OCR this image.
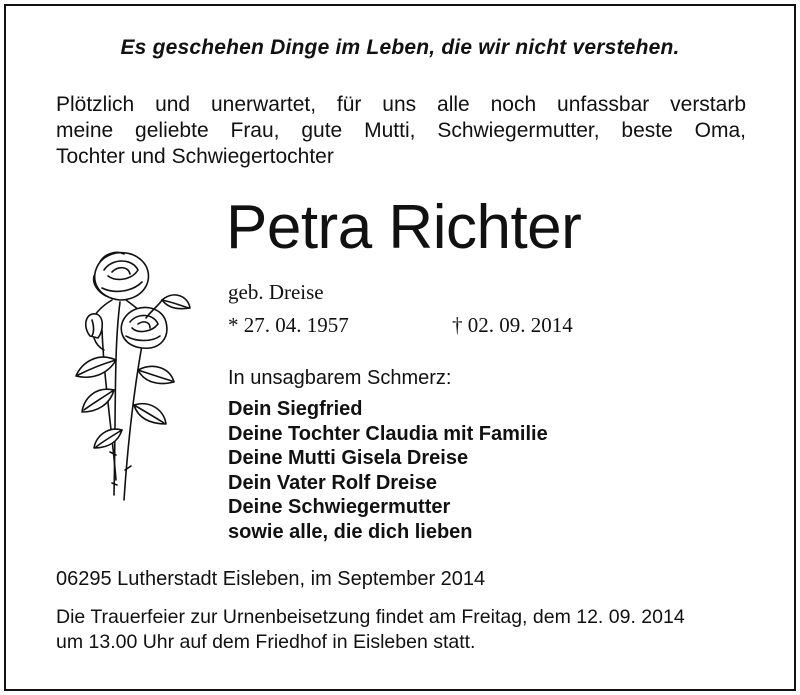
Es geschehen Dinge im Leben, die wir nicht verstehen.
Plötzlich und unerwartet, für uns alle noch unfassbar verstarb
meine geliebte Frau, gute Mutti, Schwiegermutter, beste Oma,
Tochter und Schwiegertochter
Petra Richter
geb. Dreise
* 27. 04. 1957	† 02. 09. 2014
In unsagbarem Schmerz:
Dein Siegfried
Deine Tochter Claudia mit Familie
Deine Mutti Gisela Dreise
Dein Vater Rolf Dreise
Deine Schwiegermutter
sowie alle, die dich lieben
06295 Lutherstadt Eisleben, im September 2014
Die Trauerfeier zur Urnenbeisetzung findet am Freitag, dem 12. 09. 2014
um 13.00 Uhr auf dem Friedhof in Eisleben statt.
